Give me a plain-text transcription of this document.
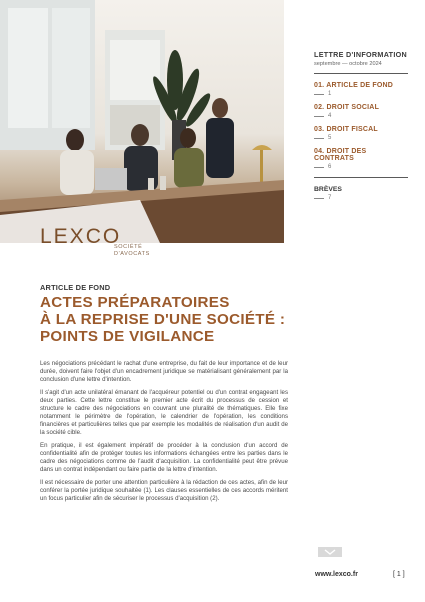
LEXCO
SOCIÉTÉ
D'AVOCATS
LETTRE D'INFORMATION
septembre — octobre 2024
01. ARTICLE DE FOND
1
02. DROIT SOCIAL
4
03. DROIT FISCAL
5
04. DROIT DES CONTRATS
6
BRÈVES
7
ARTICLE DE FOND
ACTES PRÉPARATOIRES
À LA REPRISE D'UNE SOCIÉTÉ :
POINTS DE VIGILANCE

Les négociations précédant le rachat d'une entreprise, du fait de leur importance et de leur durée, doivent faire l'objet d'un encadrement juridique se matérialisant généralement par la conclusion d'une lettre d'intention.

Il s'agit d'un acte unilatéral émanant de l'acquéreur potentiel ou d'un contrat engageant les deux parties. Cette lettre constitue le premier acte écrit du processus de cession et structure le cadre des négociations en couvrant une pluralité de thématiques. Elle fixe notamment le périmètre de l'opération, le calendrier de l'opération, les conditions financières et particulières telles que par exemple les modalités de réalisation d'un audit de la société cible.

En pratique, il est également impératif de procéder à la conclusion d'un accord de confidentialité afin de protéger toutes les informations échangées entre les parties dans le cadre des négociations comme de l'audit d'acquisition. La confidentialité peut être prévue dans un contrat indépendant ou faire partie de la lettre d'intention.

Il est nécessaire de porter une attention particulière à la rédaction de ces actes, afin de leur conférer la portée juridique souhaitée (1). Les clauses essentielles de ces accords méritent un focus particulier afin de sécuriser le processus d'acquisition (2).

www.lexco.fr	[ 1 ]
